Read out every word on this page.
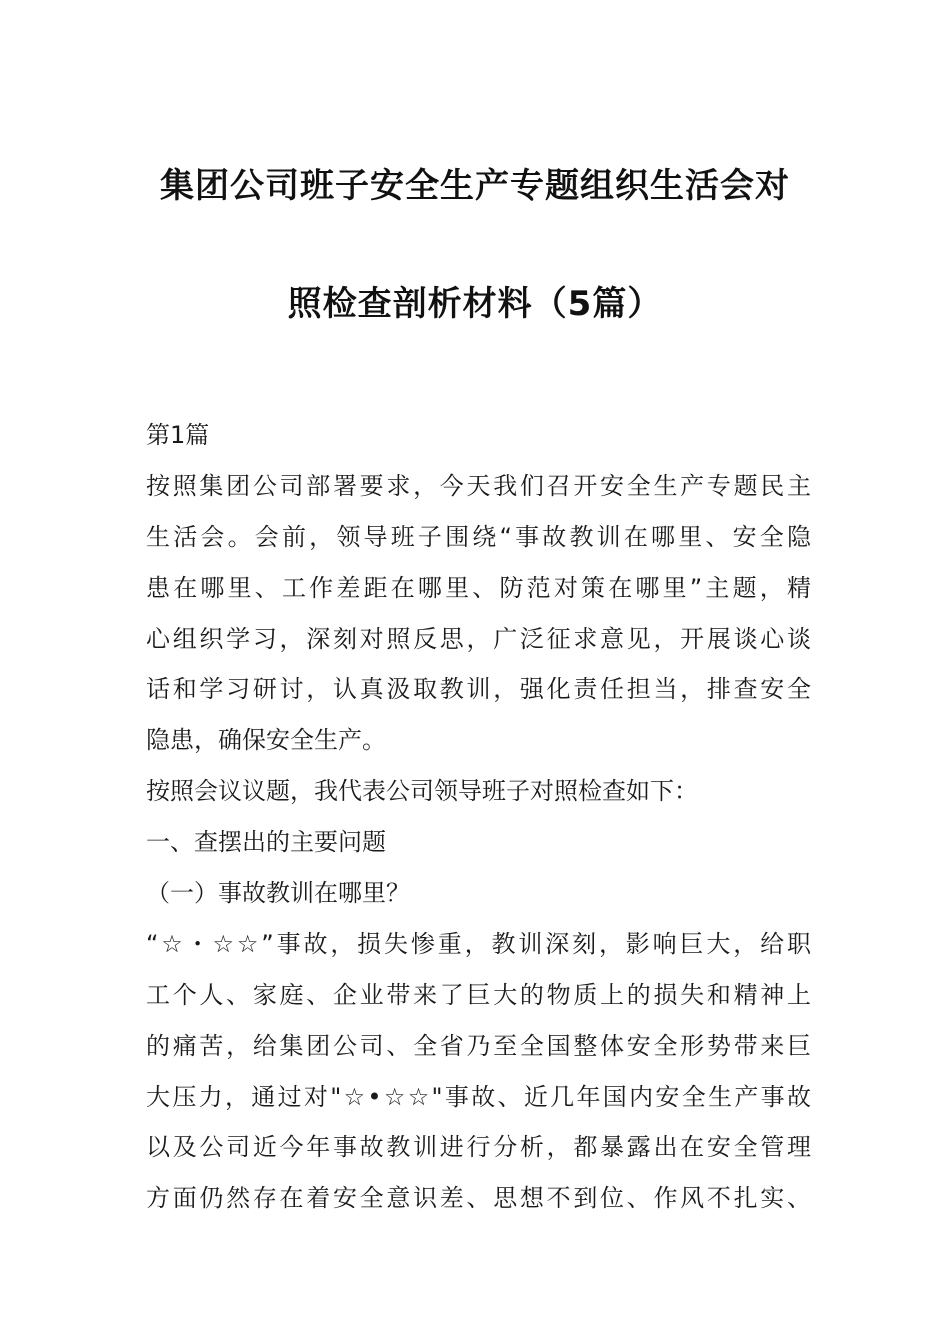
集团公司班子安全生产专题组织生活会对
照检查剖析材料（5篇）
第1篇
按照集团公司部署要求，今天我们召开安全生产专题民主
生活会。会前，领导班子围绕“事故教训在哪里、安全隐
患在哪里、工作差距在哪里、防范对策在哪里”主题，精
心组织学习，深刻对照反思，广泛征求意见，开展谈心谈
话和学习研讨，认真汲取教训，强化责任担当，排查安全
隐患，确保安全生产。
按照会议议题，我代表公司领导班子对照检查如下：
一、查摆出的主要问题
（一）事故教训在哪里？
“☆・☆☆”事故，损失惨重，教训深刻，影响巨大，给职
工个人、家庭、企业带来了巨大的物质上的损失和精神上
的痛苦，给集团公司、全省乃至全国整体安全形势带来巨
大压力，通过对"☆•☆☆"事故、近几年国内安全生产事故
以及公司近今年事故教训进行分析，都暴露出在安全管理
方面仍然存在着安全意识差、思想不到位、作风不扎实、
